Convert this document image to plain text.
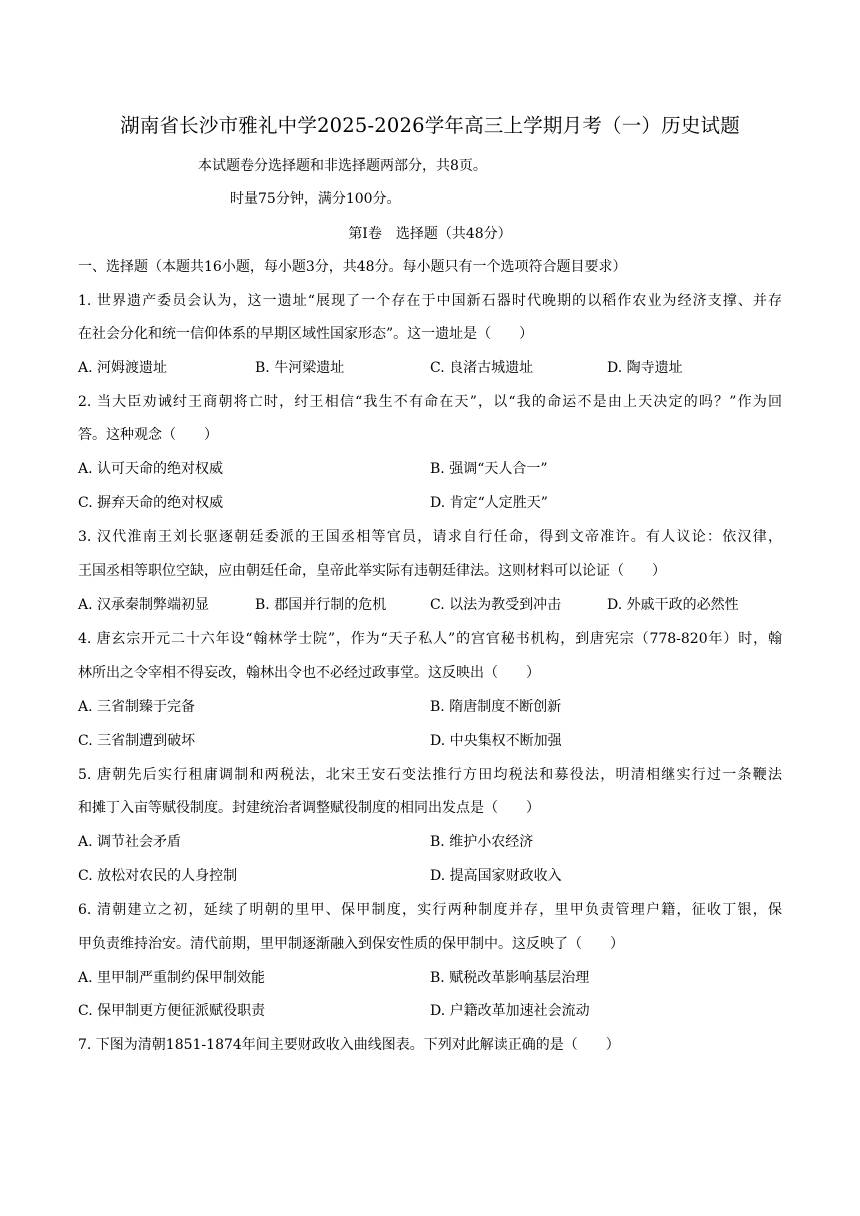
湖南省长沙市雅礼中学2025-2026学年高三上学期月考（一）历史试题
本试题卷分选择题和非选择题两部分，共8页。
时量75分钟，满分100分。
第Ⅰ卷　选择题（共48分）
一、选择题（本题共16小题，每小题3分，共48分。每小题只有一个选项符合题目要求）
1. 世界遗产委员会认为，这一遗址“展现了一个存在于中国新石器时代晚期的以稻作农业为经济支撑、并存
在社会分化和统一信仰体系的早期区域性国家形态”。这一遗址是（　　）
A. 河姆渡遗址	B. 牛河梁遗址	C. 良渚古城遗址	D. 陶寺遗址
2. 当大臣劝诫纣王商朝将亡时，纣王相信“我生不有命在天”，以“我的命运不是由上天决定的吗？”作为回
答。这种观念（　　）
A. 认可天命的绝对权威	B. 强调“天人合一”
C. 摒弃天命的绝对权威	D. 肯定“人定胜天”
3. 汉代淮南王刘长驱逐朝廷委派的王国丞相等官员，请求自行任命，得到文帝准许。有人议论：依汉律，
王国丞相等职位空缺，应由朝廷任命，皇帝此举实际有违朝廷律法。这则材料可以论证（　　）
A. 汉承秦制弊端初显	B. 郡国并行制的危机	C. 以法为教受到冲击	D. 外戚干政的必然性
4. 唐玄宗开元二十六年设“翰林学士院”，作为“天子私人”的宫官秘书机构，到唐宪宗（778-820年）时，翰
林所出之令宰相不得妄改，翰林出令也不必经过政事堂。这反映出（　　）
A. 三省制臻于完备	B. 隋唐制度不断创新
C. 三省制遭到破坏	D. 中央集权不断加强
5. 唐朝先后实行租庸调制和两税法，北宋王安石变法推行方田均税法和募役法，明清相继实行过一条鞭法
和摊丁入亩等赋役制度。封建统治者调整赋役制度的相同出发点是（　　）
A. 调节社会矛盾	B. 维护小农经济
C. 放松对农民的人身控制	D. 提高国家财政收入
6. 清朝建立之初，延续了明朝的里甲、保甲制度，实行两种制度并存，里甲负责管理户籍，征收丁银，保
甲负责维持治安。清代前期，里甲制逐渐融入到保安性质的保甲制中。这反映了（　　）
A. 里甲制严重制约保甲制效能	B. 赋税改革影响基层治理
C. 保甲制更方便征派赋役职责	D. 户籍改革加速社会流动
7. 下图为清朝1851-1874年间主要财政收入曲线图表。下列对此解读正确的是（　　）
